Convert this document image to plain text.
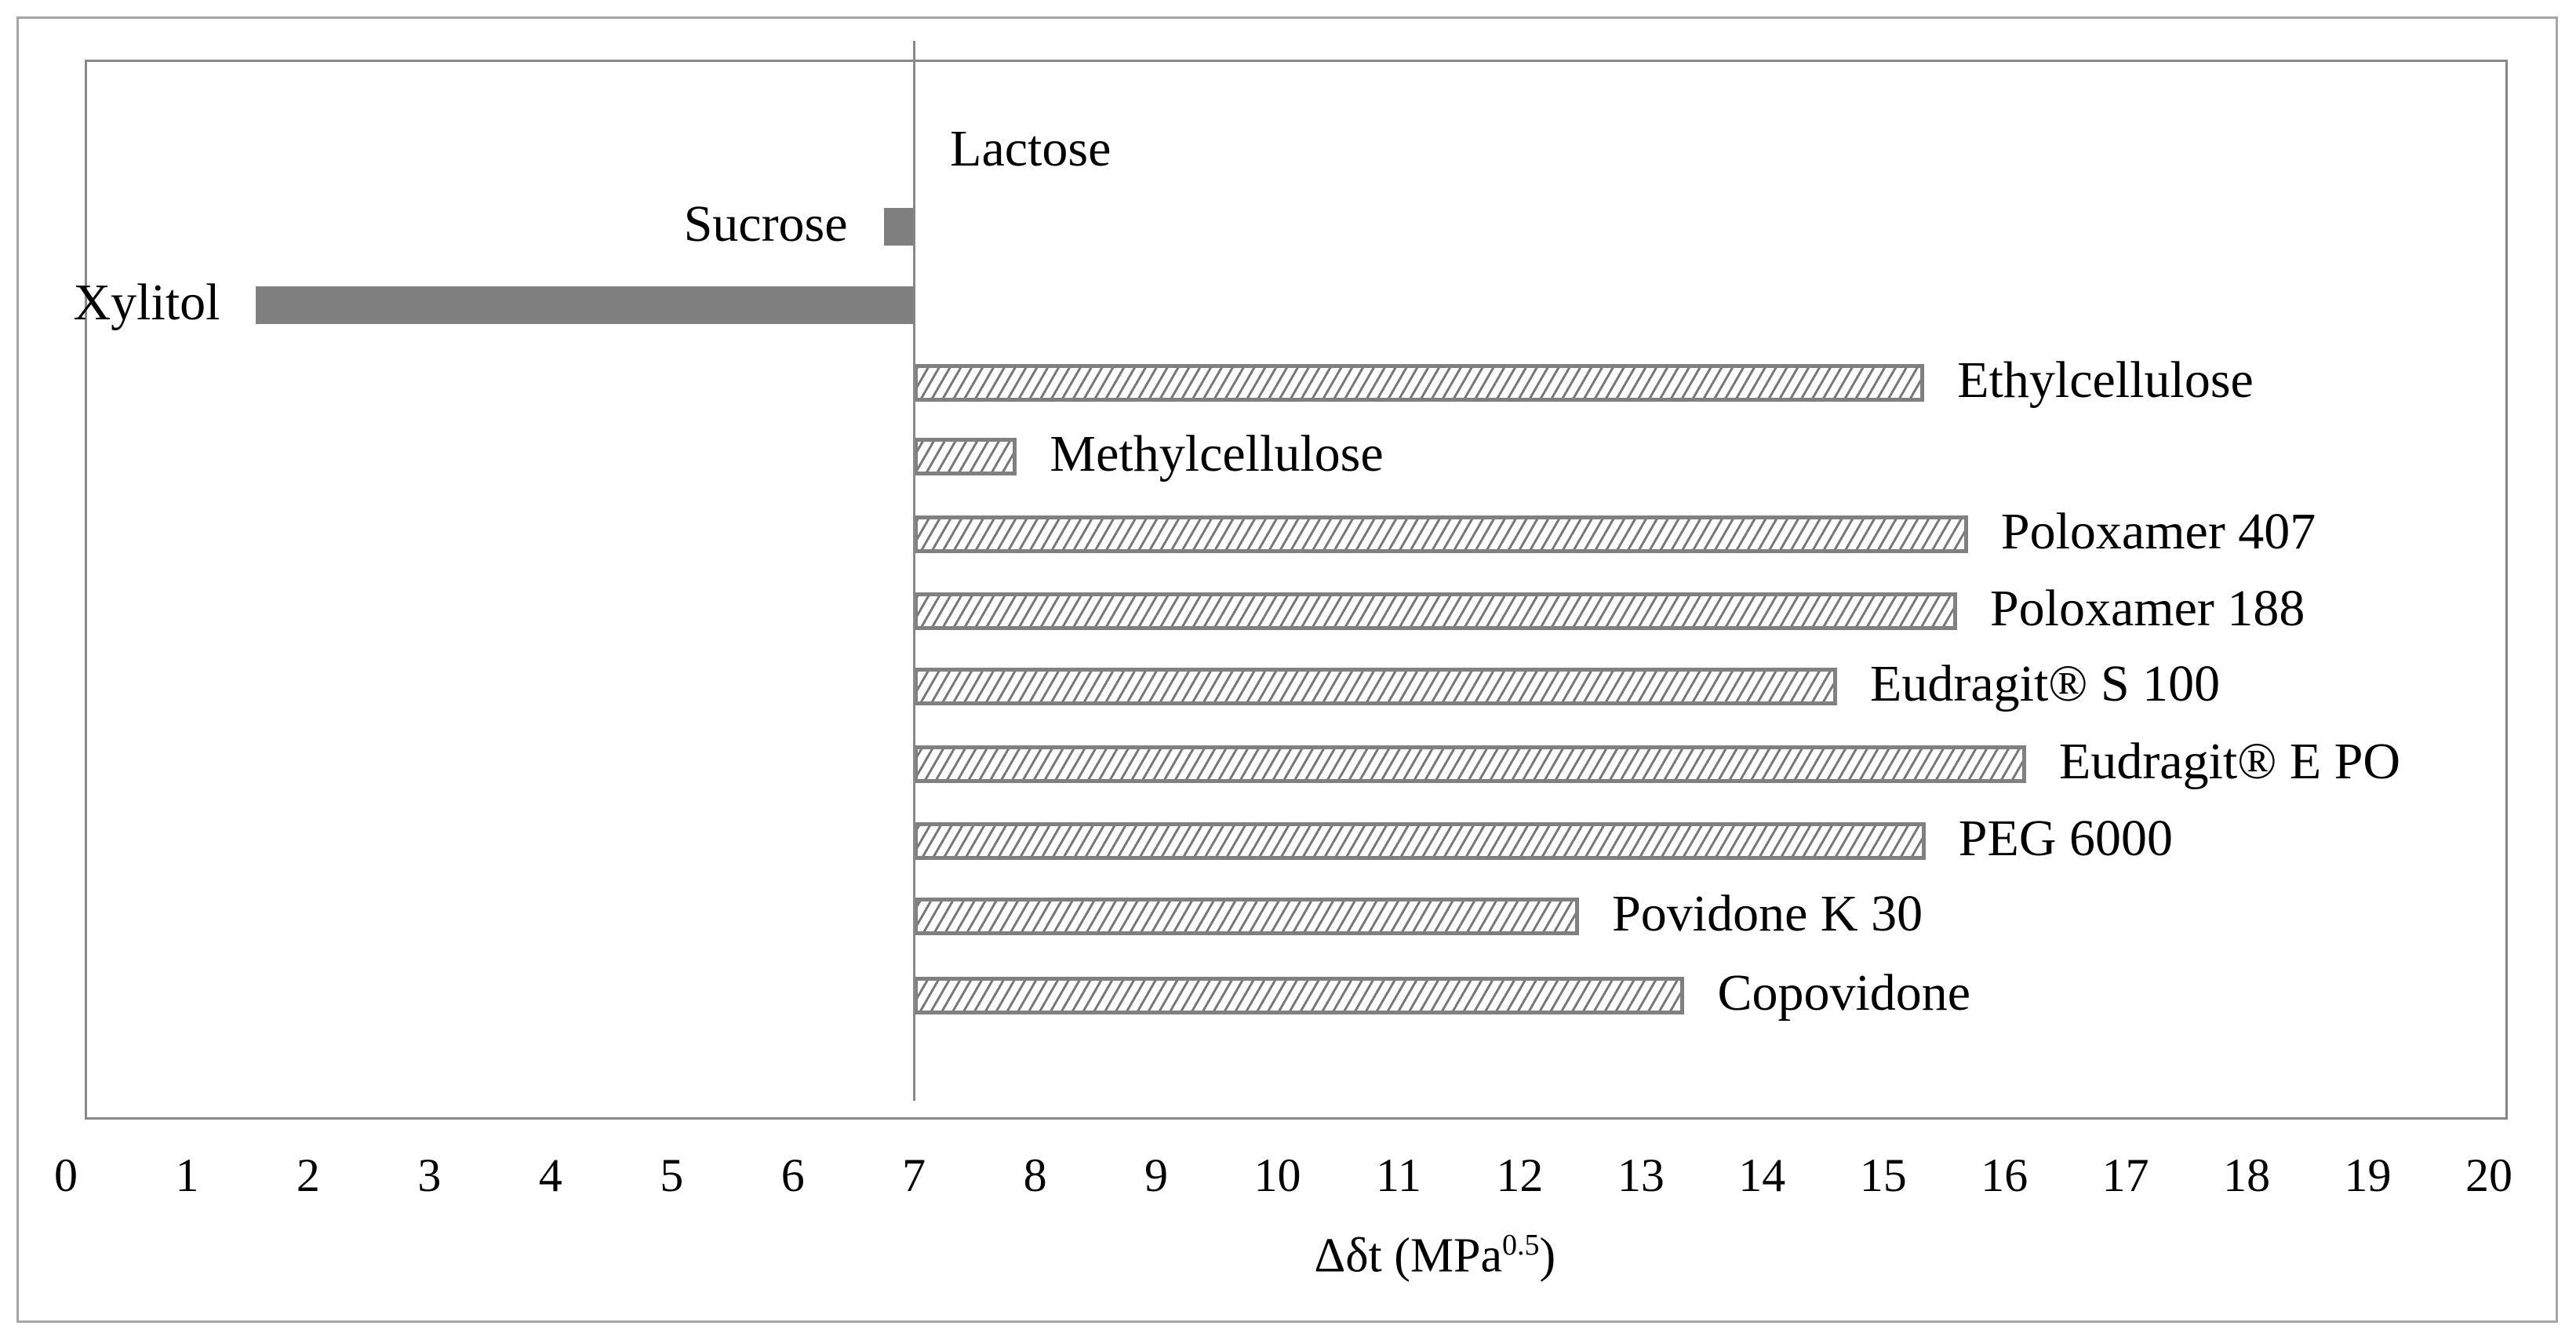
Lactose
Sucrose
Xylitol
Ethylcellulose
Methylcellulose
Poloxamer 407
Poloxamer 188
Eudragit® S 100
Eudragit® E PO
PEG 6000
Povidone K 30
Copovidone
0 1 2 3 4 5 6 7 8 9 10 11 12 13 14 15 16 17 18 19 20
Δδt (MPa$^{0.5}$)
